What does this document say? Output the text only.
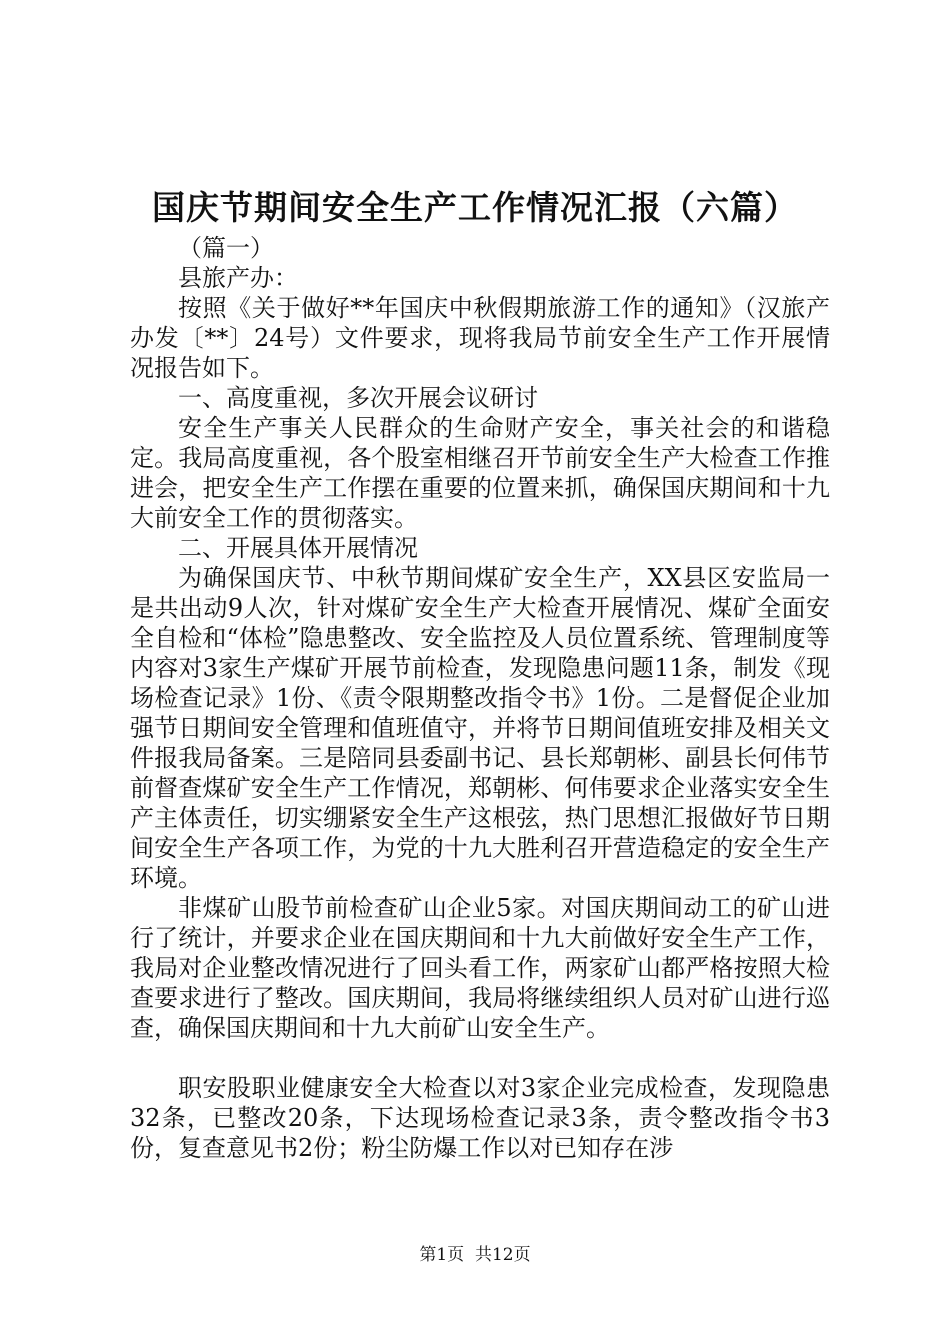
国庆节期间安全生产工作情况汇报（六篇）

（篇一）

县旅产办：

按照《关于做好**年国庆中秋假期旅游工作的通知》（汉旅产办发〔**〕24号）文件要求，现将我局节前安全生产工作开展情况报告如下。

一、高度重视，多次开展会议研讨

安全生产事关人民群众的生命财产安全，事关社会的和谐稳定。我局高度重视，各个股室相继召开节前安全生产大检查工作推进会，把安全生产工作摆在重要的位置来抓，确保国庆期间和十九大前安全工作的贯彻落实。

二、开展具体开展情况

为确保国庆节、中秋节期间煤矿安全生产，XX县区安监局一是共出动9人次，针对煤矿安全生产大检查开展情况、煤矿全面安全自检和“体检”隐患整改、安全监控及人员位置系统、管理制度等内容对3家生产煤矿开展节前检查，发现隐患问题11条，制发《现场检查记录》1份、《责令限期整改指令书》1份。二是督促企业加强节日期间安全管理和值班值守，并将节日期间值班安排及相关文件报我局备案。三是陪同县委副书记、县长郑朝彬、副县长何伟节前督查煤矿安全生产工作情况，郑朝彬、何伟要求企业落实安全生产主体责任，切实绷紧安全生产这根弦，热门思想汇报做好节日期间安全生产各项工作，为党的十九大胜利召开营造稳定的安全生产环境。

非煤矿山股节前检查矿山企业5家。对国庆期间动工的矿山进行了统计，并要求企业在国庆期间和十九大前做好安全生产工作，我局对企业整改情况进行了回头看工作，两家矿山都严格按照大检查要求进行了整改。国庆期间，我局将继续组织人员对矿山进行巡查，确保国庆期间和十九大前矿山安全生产。

职安股职业健康安全大检查以对3家企业完成检查，发现隐患32条，已整改20条，下达现场检查记录3条，责令整改指令书3份，复查意见书2份；粉尘防爆工作以对已知存在涉

第1页  共12页
